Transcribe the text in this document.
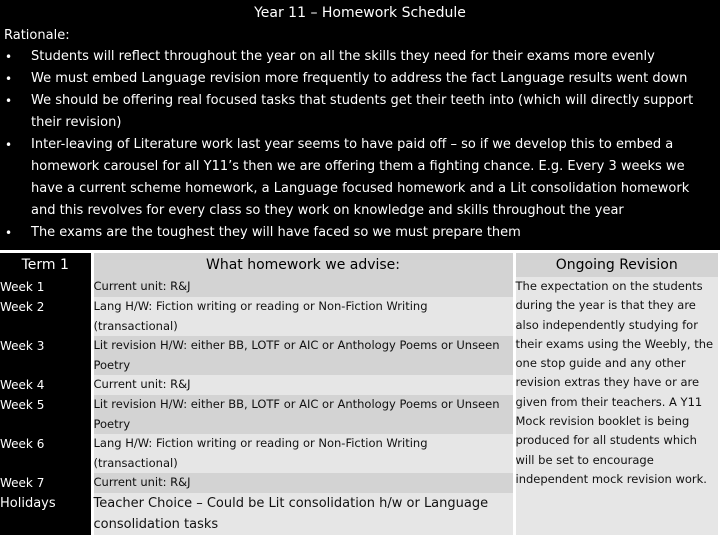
Year 11 – Homework Schedule
Rationale:
• Students will reflect throughout the year on all the skills they need for their exams more evenly
• We must embed Language revision more frequently to address the fact Language results went down
• We should be offering real focused tasks that students get their teeth into (which will directly support their revision)
• Inter-leaving of Literature work last year seems to have paid off – so if we develop this to embed a homework carousel for all Y11’s then we are offering them a fighting chance. E.g. Every 3 weeks we have a current scheme homework, a Language focused homework and a Lit consolidation homework and this revolves for every class so they work on knowledge and skills throughout the year
• The exams are the toughest they will have faced so we must prepare them
Term 1	What homework we advise:	Ongoing Revision
Week 1	Current unit: R&J	The expectation on the students during the year is that they are also independently studying for their exams using the Weebly, the one stop guide and any other revision extras they have or are given from their teachers. A Y11 Mock revision booklet is being produced for all students which will be set to encourage independent mock revision work.
Week 2	Lang H/W: Fiction writing or reading or Non-Fiction Writing (transactional)	
Week 3	Lit revision H/W: either BB, LOTF or AIC or Anthology Poems or Unseen Poetry	
Week 4	Current unit: R&J	
Week 5	Lit revision H/W: either BB, LOTF or AIC or Anthology Poems or Unseen Poetry	
Week 6	Lang H/W: Fiction writing or reading or Non-Fiction Writing (transactional)	
Week 7	Current unit: R&J	
Holidays	Teacher Choice – Could be Lit consolidation h/w or Language consolidation tasks	
